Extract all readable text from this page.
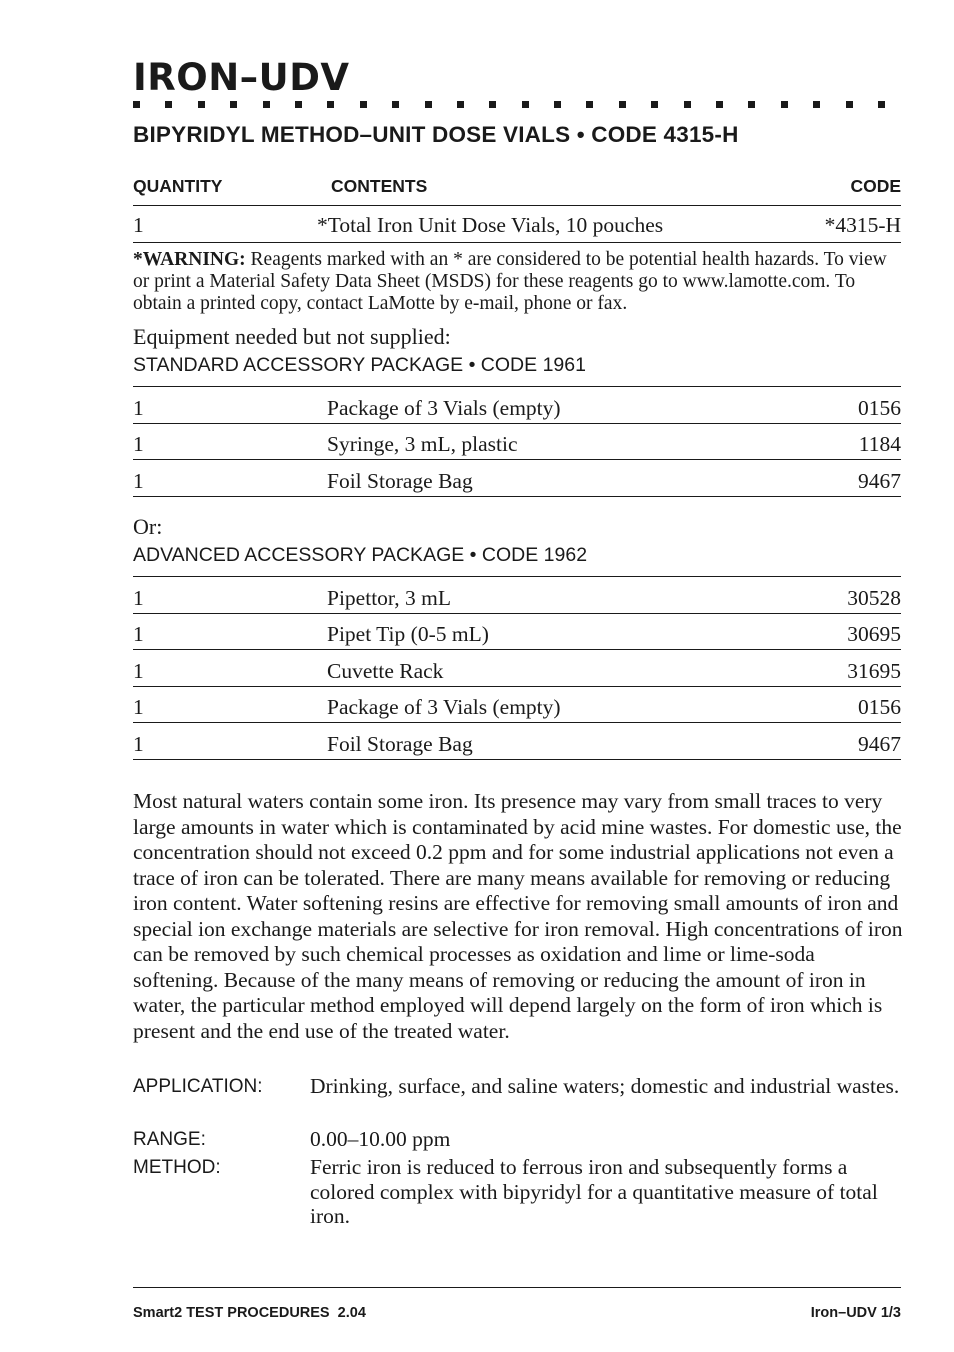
IRON–UDV
BIPYRIDYL METHOD–UNIT DOSE VIALS • CODE 4315-H
QUANTITY	CONTENTS	CODE
1	*Total Iron Unit Dose Vials, 10 pouches	*4315-H
*WARNING: Reagents marked with an * are considered to be potential health hazards. To view or print a Material Safety Data Sheet (MSDS) for these reagents go to www.lamotte.com. To obtain a printed copy, contact LaMotte by e-mail, phone or fax.
Equipment needed but not supplied:
STANDARD ACCESSORY PACKAGE • CODE 1961
1	Package of 3 Vials (empty)	0156
1	Syringe, 3 mL, plastic	1184
1	Foil Storage Bag	9467
Or:
ADVANCED ACCESSORY PACKAGE • CODE 1962
1	Pipettor, 3 mL	30528
1	Pipet Tip (0-5 mL)	30695
1	Cuvette Rack	31695
1	Package of 3 Vials (empty)	0156
1	Foil Storage Bag	9467
Most natural waters contain some iron. Its presence may vary from small traces to very large amounts in water which is contaminated by acid mine wastes. For domestic use, the concentration should not exceed 0.2 ppm and for some industrial applications not even a trace of iron can be tolerated. There are many means available for removing or reducing iron content. Water softening resins are effective for removing small amounts of iron and special ion exchange materials are selective for iron removal. High concentrations of iron can be removed by such chemical processes as oxidation and lime or lime-soda softening. Because of the many means of removing or reducing the amount of iron in water, the particular method employed will depend largely on the form of iron which is present and the end use of the treated water.
APPLICATION: Drinking, surface, and saline waters; domestic and industrial wastes.
RANGE:	0.00–10.00 ppm
METHOD:	Ferric iron is reduced to ferrous iron and subsequently forms a colored complex with bipyridyl for a quantitative measure of total iron.
Smart2 TEST PROCEDURES  2.04	Iron–UDV 1/3
